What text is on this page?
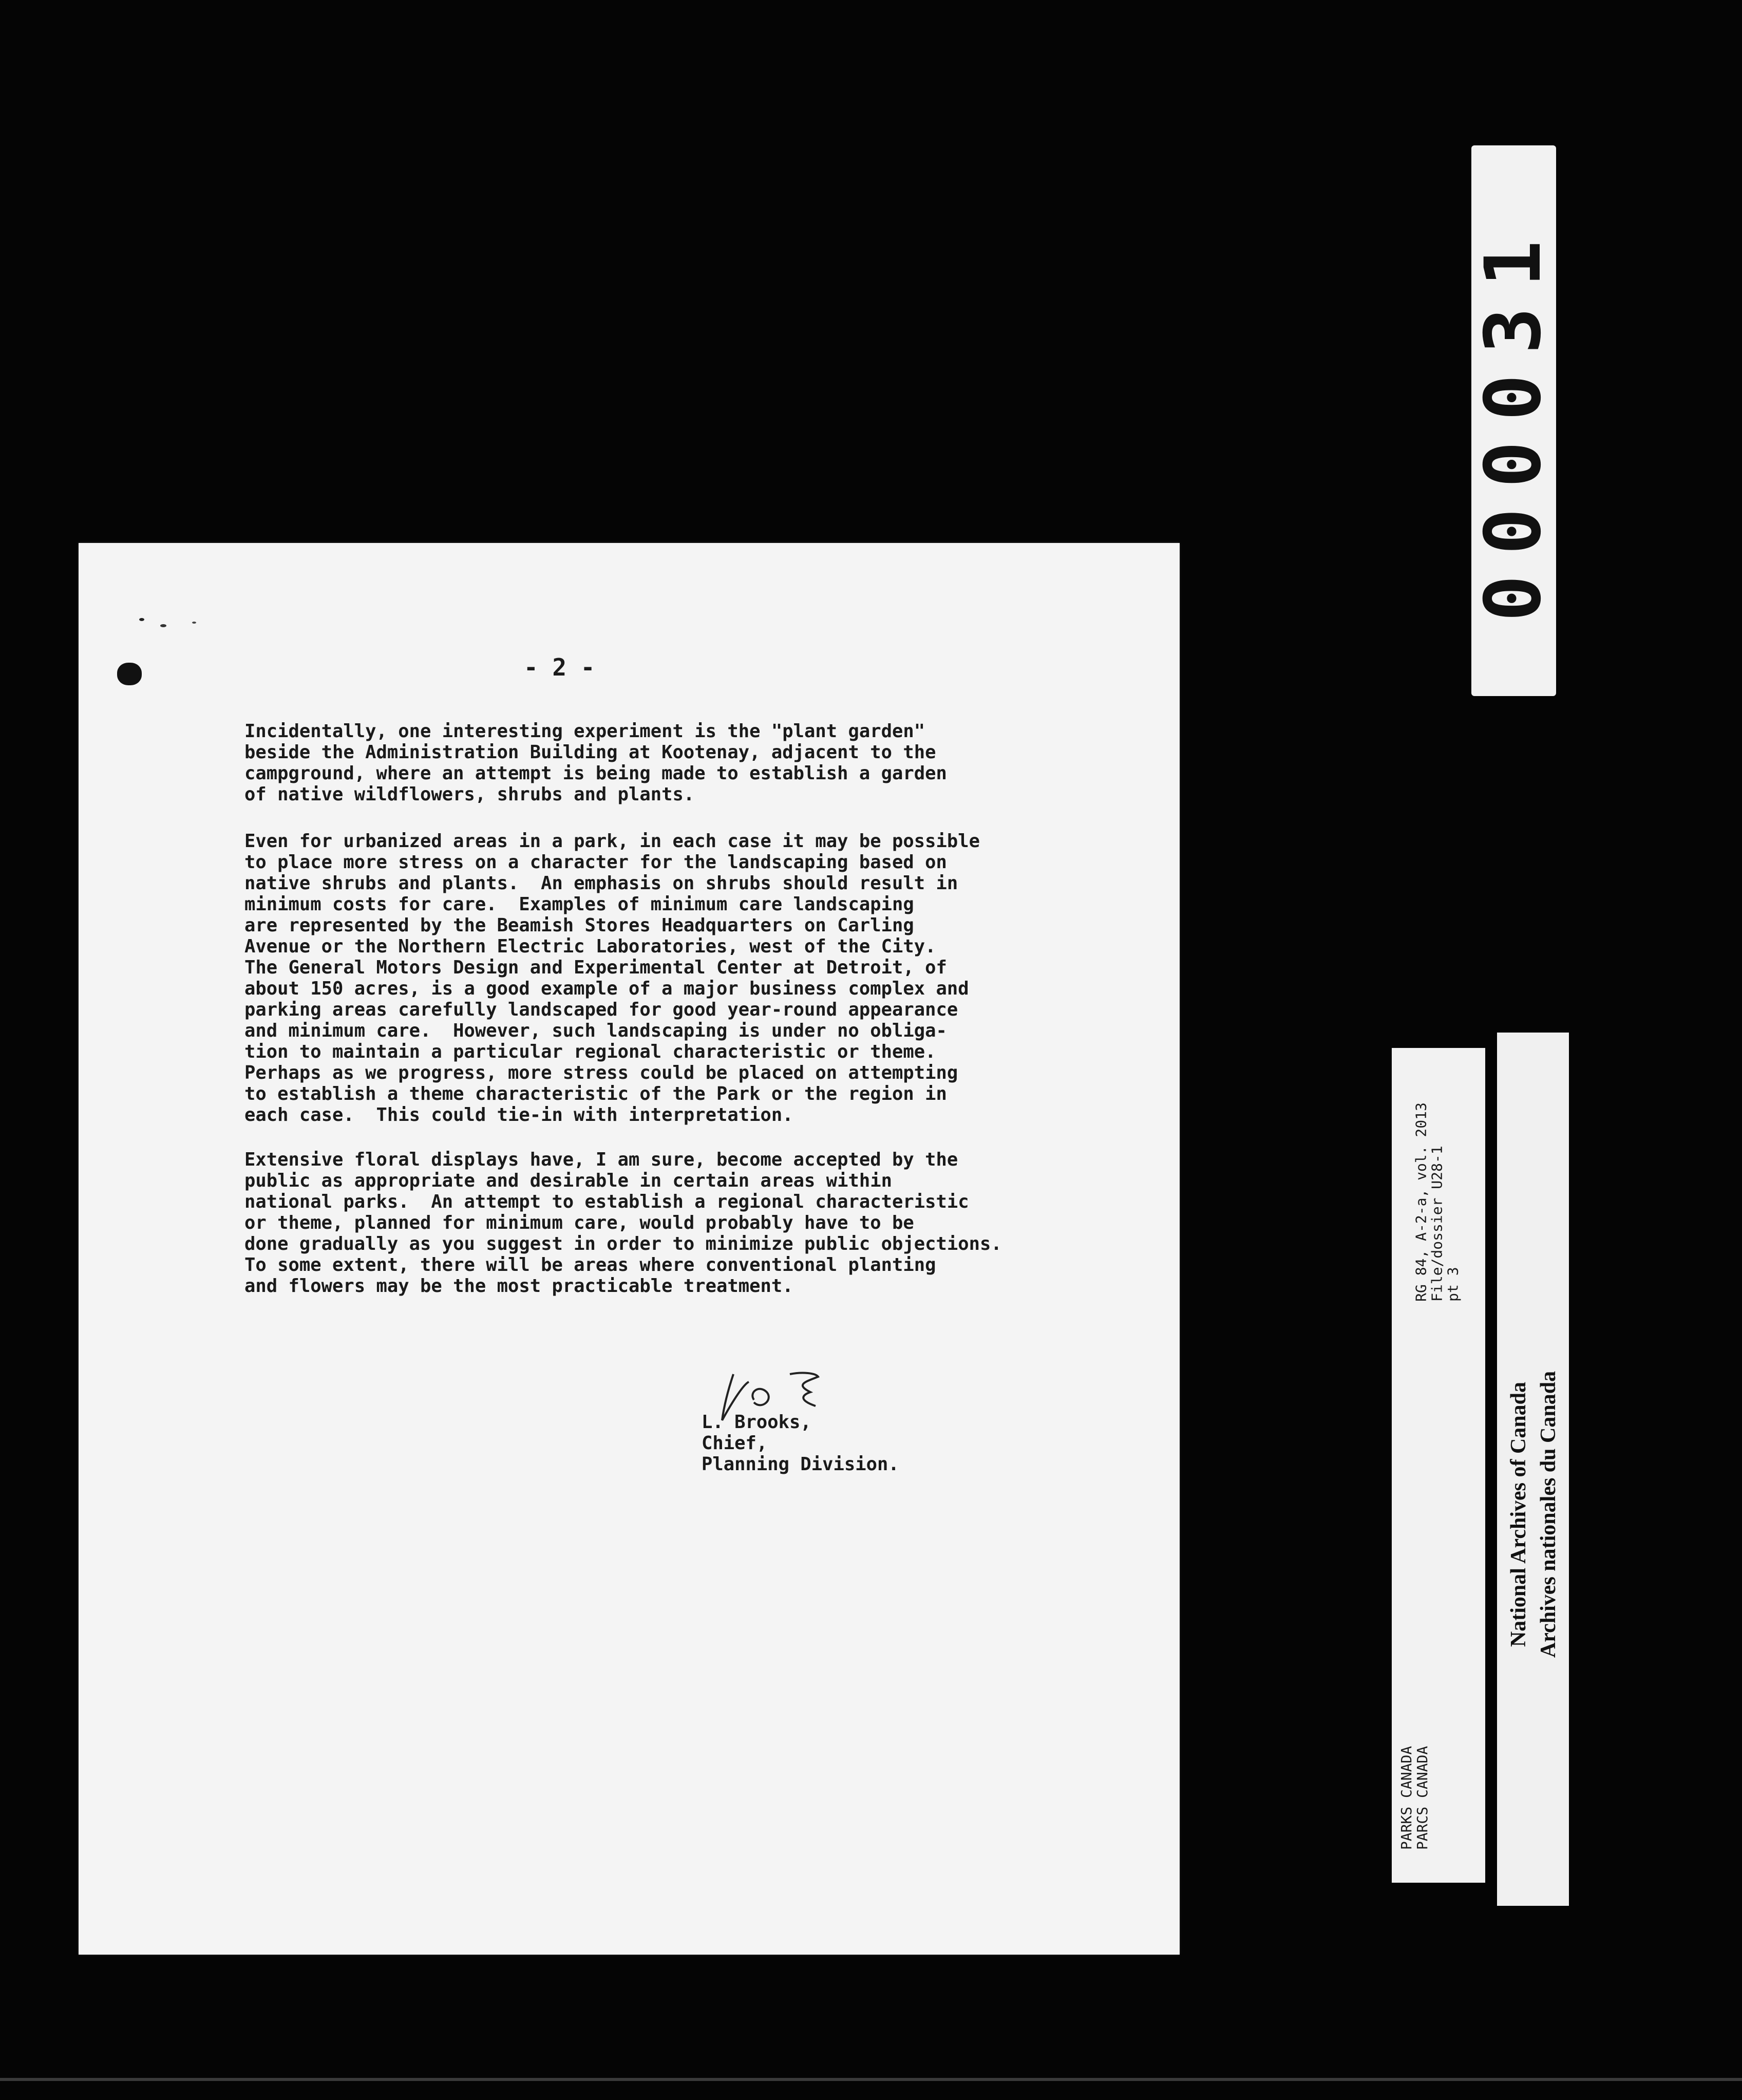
- 2 -

Incidentally, one interesting experiment is the "plant garden"
beside the Administration Building at Kootenay, adjacent to the
campground, where an attempt is being made to establish a garden
of native wildflowers, shrubs and plants.
Even for urbanized areas in a park, in each case it may be possible
to place more stress on a character for the landscaping based on
native shrubs and plants.  An emphasis on shrubs should result in
minimum costs for care.  Examples of minimum care landscaping
are represented by the Beamish Stores Headquarters on Carling
Avenue or the Northern Electric Laboratories, west of the City.
The General Motors Design and Experimental Center at Detroit, of
about 150 acres, is a good example of a major business complex and
parking areas carefully landscaped for good year-round appearance
and minimum care.  However, such landscaping is under no obliga-
tion to maintain a particular regional characteristic or theme.
Perhaps as we progress, more stress could be placed on attempting
to establish a theme characteristic of the Park or the region in
each case.  This could tie-in with interpretation.
Extensive floral displays have, I am sure, become accepted by the
public as appropriate and desirable in certain areas within
national parks.  An attempt to establish a regional characteristic
or theme, planned for minimum care, would probably have to be
done gradually as you suggest in order to minimize public objections.
To some extent, there will be areas where conventional planting
and flowers may be the most practicable treatment.
L. Brooks,
Chief,
Planning Division.
000031
RG 84, A-2-a, vol. 2013
File/dossier U28-1
pt 3
PARKS CANADA
PARCS CANADA
National Archives of Canada
Archives nationales du Canada
